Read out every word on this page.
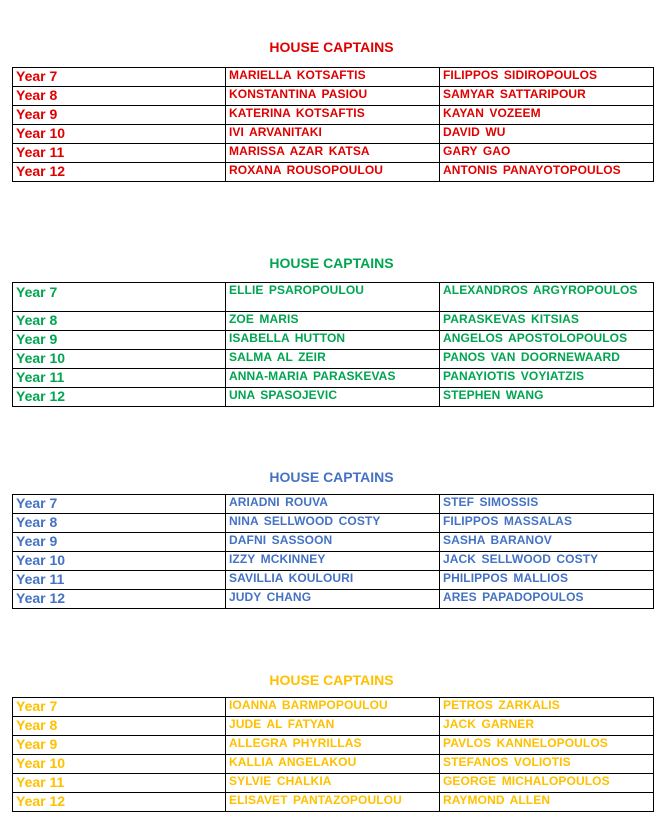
HOUSE CAPTAINS
Year 7	MARIELLA KOTSAFTIS	FILIPPOS SIDIROPOULOS
Year 8	KONSTANTINA PASIOU	SAMYAR SATTARIPOUR
Year 9	KATERINA KOTSAFTIS	KAYAN VOZEEM
Year 10	IVI ARVANITAKI	DAVID WU
Year 11	MARISSA AZAR KATSA	GARY GAO
Year 12	ROXANA ROUSOPOULOU	ANTONIS PANAYOTOPOULOS
HOUSE CAPTAINS
Year 7	ELLIE PSAROPOULOU	ALEXANDROS ARGYROPOULOS
Year 8	ZOE MARIS	PARASKEVAS KITSIAS
Year 9	ISABELLA HUTTON	ANGELOS APOSTOLOPOULOS
Year 10	SALMA AL ZEIR	PANOS VAN DOORNEWAARD
Year 11	ANNA-MARIA PARASKEVAS	PANAYIOTIS VOYIATZIS
Year 12	UNA SPASOJEVIC	STEPHEN WANG
HOUSE CAPTAINS
Year 7	ARIADNI ROUVA	STEF SIMOSSIS
Year 8	NINA SELLWOOD COSTY	FILIPPOS MASSALAS
Year 9	DAFNI SASSOON	SASHA BARANOV
Year 10	IZZY MCKINNEY	JACK SELLWOOD COSTY
Year 11	SAVILLIA KOULOURI	PHILIPPOS MALLIOS
Year 12	JUDY CHANG	ARES PAPADOPOULOS
HOUSE CAPTAINS
Year 7	IOANNA BARMPOPOULOU	PETROS ZARKALIS
Year 8	JUDE AL FATYAN	JACK GARNER
Year 9	ALLEGRA PHYRILLAS	PAVLOS KANNELOPOULOS
Year 10	KALLIA ANGELAKOU	STEFANOS VOLIOTIS
Year 11	SYLVIE CHALKIA	GEORGE MICHALOPOULOS
Year 12	ELISAVET PANTAZOPOULOU	RAYMOND ALLEN
